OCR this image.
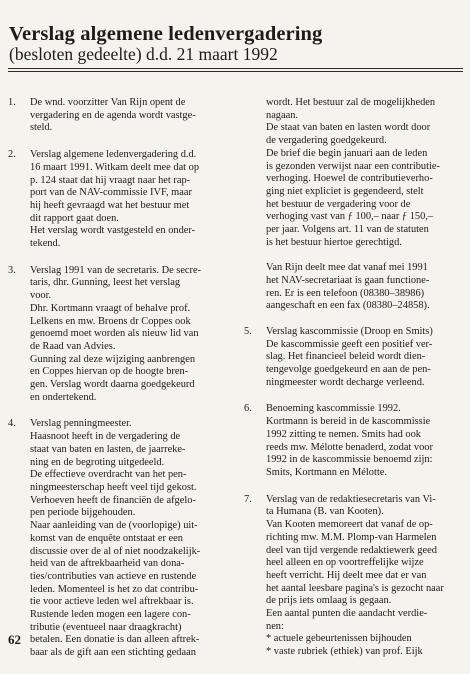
Verslag algemene ledenvergadering
(besloten gedeelte) d.d. 21 maart 1992
1. De wnd. voorzitter Van Rijn opent de
vergadering en de agenda wordt vastge-
steld.
2. Verslag algemene ledenvergadering d.d.
16 maart 1991. Witkam deelt mee dat op
p. 124 staat dat hij vraagt naar het rap-
port van de NAV-commissie IVF, maar
hij heeft gevraagd wat het bestuur met
dit rapport gaat doen.
Het verslag wordt vastgesteld en onder-
tekend.
3. Verslag 1991 van de secretaris. De secre-
taris, dhr. Gunning, leest het verslag
voor.
Dhr. Kortmann vraagt of behalve prof.
Lelkens en mw. Broens dr Coppes ook
genoemd moet worden als nieuw lid van
de Raad van Advies.
Gunning zal deze wijziging aanbrengen
en Coppes hiervan op de hoogte bren-
gen. Verslag wordt daarna goedgekeurd
en ondertekend.
4. Verslag penningmeester.
Haasnoot heeft in de vergadering de
staat van baten en lasten, de jaarreke-
ning en de begroting uitgedeeld.
De effectieve overdracht van het pen-
ningmeesterschap heeft veel tijd gekost.
Verhoeven heeft de financiën de afgelo-
pen periode bijgehouden.
Naar aanleiding van de (voorlopige) uit-
komst van de enquête ontstaat er een
discussie over de al of niet noodzakelijk-
heid van de aftrekbaarheid van dona-
ties/contributies van actieve en rustende
leden. Momenteel is het zo dat contribu-
tie voor actieve leden wel aftrekbaar is.
Rustende leden mogen een lagere con-
tributie (eventueel naar draagkracht)
betalen. Een donatie is dan alleen aftrek-
baar als de gift aan een stichting gedaan
wordt. Het bestuur zal de mogelijkheden
nagaan.
De staat van baten en lasten wordt door
de vergadering goedgekeurd.
De brief die begin januari aan de leden
is gezonden verwijst naar een contributie-
verhoging. Hoewel de contributieverho-
ging niet expliciet is gegendeerd, stelt
het bestuur de vergadering voor de
verhoging vast van ƒ 100,– naar ƒ 150,–
per jaar. Volgens art. 11 van de statuten
is het bestuur hiertoe gerechtigd.

Van Rijn deelt mee dat vanaf mei 1991
het NAV-secretariaat is gaan functione-
ren. Er is een telefoon (08380–38986)
aangeschaft en een fax (08380–24858).
5. Verslag kascommissie (Droop en Smits)
De kascommissie geeft een positief ver-
slag. Het financieel beleid wordt dien-
tengevolge goedgekeurd en aan de pen-
ningmeester wordt decharge verleend.
6. Benoeming kascommissie 1992.
Kortmann is bereid in de kascommissie
1992 zitting te nemen. Smits had ook
reeds mw. Mélotte benaderd, zodat voor
1992 in de kascommissie benoemd zijn:
Smits, Kortmann en Mélotte.
7. Verslag van de redaktiesecretaris van Vi-
ta Humana (B. van Kooten).
Van Kooten memoreert dat vanaf de op-
richting mw. M.M. Plomp-van Harmelen
deel van tijd vergende redaktiewerk geed
heel alleen en op voortreffelijke wijze
heeft verricht. Hij deelt mee dat er van
het aantal leesbare pagina's is gezocht naar
de prijs iets omlaag is gegaan.
Een aantal punten die aandacht verdie-
nen:
* actuele gebeurtenissen bijhouden
* vaste rubriek (ethiek) van prof. Eijk
62
